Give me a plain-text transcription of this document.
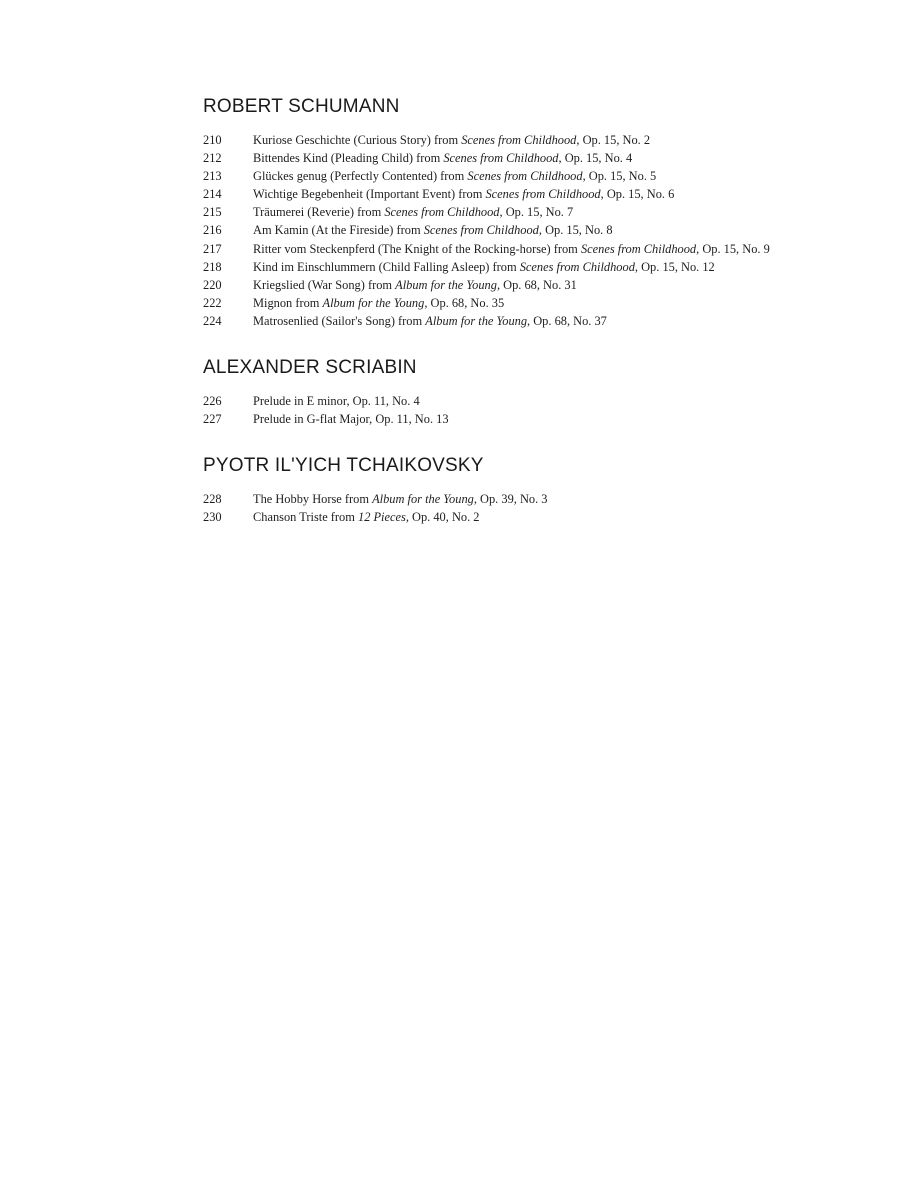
ROBERT SCHUMANN
210	Kuriose Geschichte (Curious Story) from Scenes from Childhood, Op. 15, No. 2
212	Bittendes Kind (Pleading Child) from Scenes from Childhood, Op. 15, No. 4
213	Glückes genug (Perfectly Contented) from Scenes from Childhood, Op. 15, No. 5
214	Wichtige Begebenheit (Important Event) from Scenes from Childhood, Op. 15, No. 6
215	Träumerei (Reverie) from Scenes from Childhood, Op. 15, No. 7
216	Am Kamin (At the Fireside) from Scenes from Childhood, Op. 15, No. 8
217	Ritter vom Steckenpferd (The Knight of the Rocking-horse) from Scenes from Childhood, Op. 15, No. 9
218	Kind im Einschlummern (Child Falling Asleep) from Scenes from Childhood, Op. 15, No. 12
220	Kriegslied (War Song) from Album for the Young, Op. 68, No. 31
222	Mignon from Album for the Young, Op. 68, No. 35
224	Matrosenlied (Sailor's Song) from Album for the Young, Op. 68, No. 37
ALEXANDER SCRIABIN
226	Prelude in E minor, Op. 11, No. 4
227	Prelude in G-flat Major, Op. 11, No. 13
PYOTR IL'YICH TCHAIKOVSKY
228	The Hobby Horse from Album for the Young, Op. 39, No. 3
230	Chanson Triste from 12 Pieces, Op. 40, No. 2
